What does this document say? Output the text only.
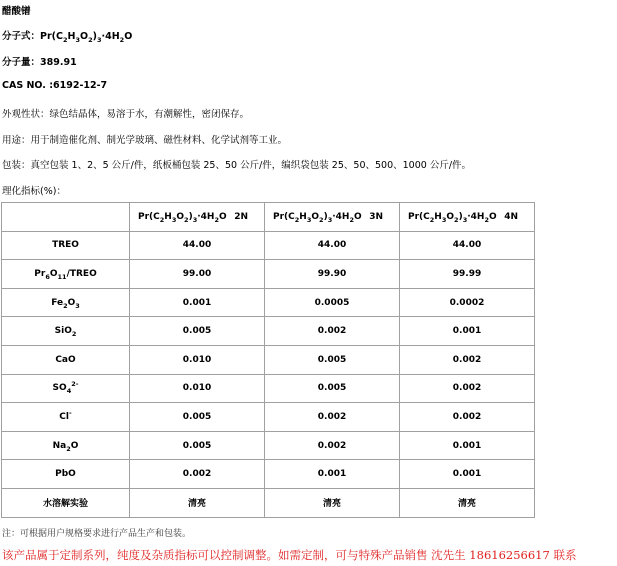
醋酸镨
分子式：$Pr(C_2H_3O_2)_3\cdot 4H_2O$
分子量：389.91
CAS NO. :6192-12-7
外观性状：绿色结晶体，易溶于水，有潮解性，密闭保存。
用途：用于制造催化剂、制光学玻璃、磁性材料、化学试剂等工业。
包装：真空包装 1、2、5 公斤/件，纸板桶包装 25、50 公斤/件，编织袋包装 25、50、500、1000 公斤/件。
理化指标(%)：
	$Pr(C_2H_3O_2)_3\cdot 4H_2O$ 2N	$Pr(C_2H_3O_2)_3\cdot 4H_2O$ 3N	$Pr(C_2H_3O_2)_3\cdot 4H_2O$ 4N

TREO	44.00	44.00	44.00
$Pr_6O_{11}$/TREO	99.00	99.90	99.99
$Fe_2O_3$	0.001	0.0005	0.0002
SiO$_2$	0.005	0.002	0.001
CaO	0.010	0.005	0.002
$SO_4^{2-}$	0.010	0.005	0.002
Cl-	0.005	0.002	0.002
$Na_2O$	0.005	0.002	0.001
PbO	0.002	0.001	0.001
水溶解实验	清亮	清亮	清亮
注：可根据用户规格要求进行产品生产和包装。
该产品属于定制系列，纯度及杂质指标可以控制调整。如需定制，可与特殊产品销售 沈先生 18616256617 联系
